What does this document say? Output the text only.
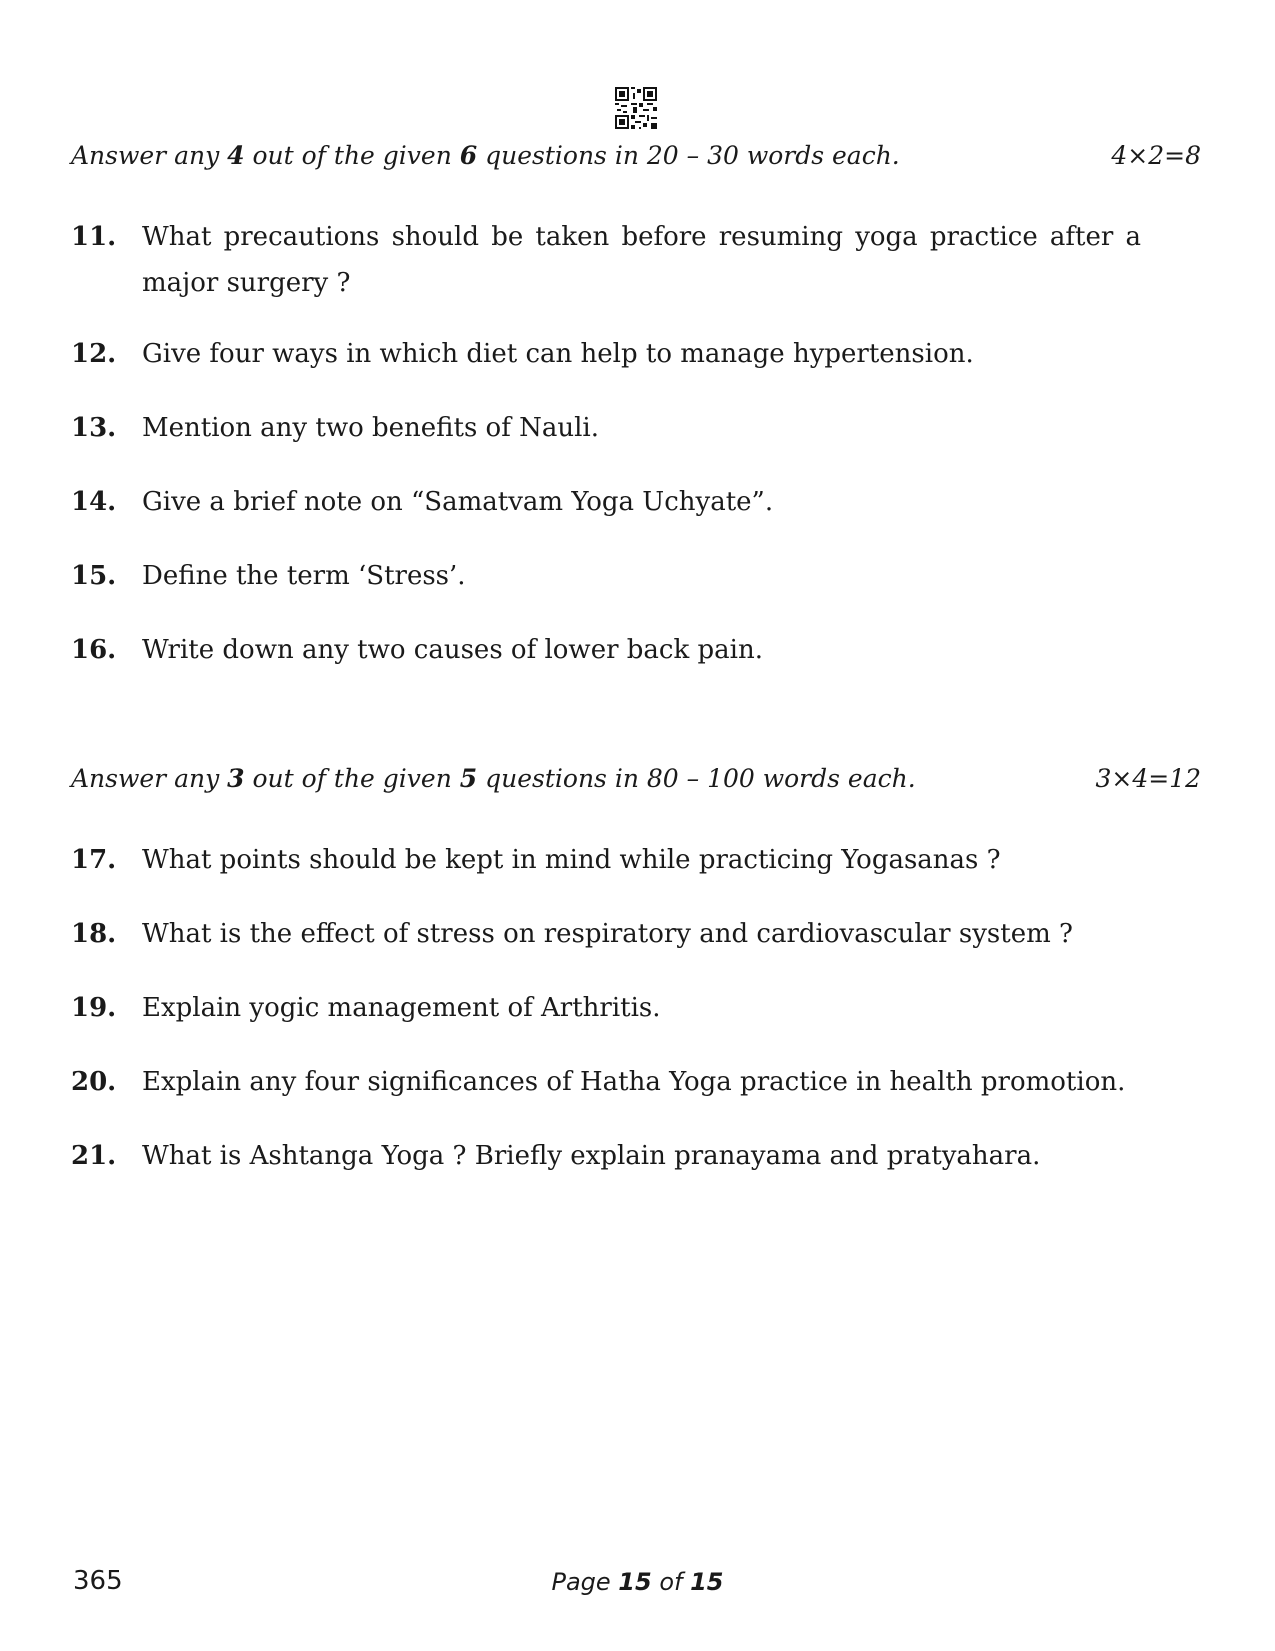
Answer any 4 out of the given 6 questions in 20 – 30 words each.	4×2=8
11. What precautions should be taken before resuming yoga practice after a major surgery ?
12. Give four ways in which diet can help to manage hypertension.
13. Mention any two benefits of Nauli.
14. Give a brief note on “Samatvam Yoga Uchyate”.
15. Define the term ‘Stress’.
16. Write down any two causes of lower back pain.
Answer any 3 out of the given 5 questions in 80 – 100 words each.	3×4=12
17. What points should be kept in mind while practicing Yogasanas ?
18. What is the effect of stress on respiratory and cardiovascular system ?
19. Explain yogic management of Arthritis.
20. Explain any four significances of Hatha Yoga practice in health promotion.
21. What is Ashtanga Yoga ? Briefly explain pranayama and pratyahara.
365	Page 15 of 15
